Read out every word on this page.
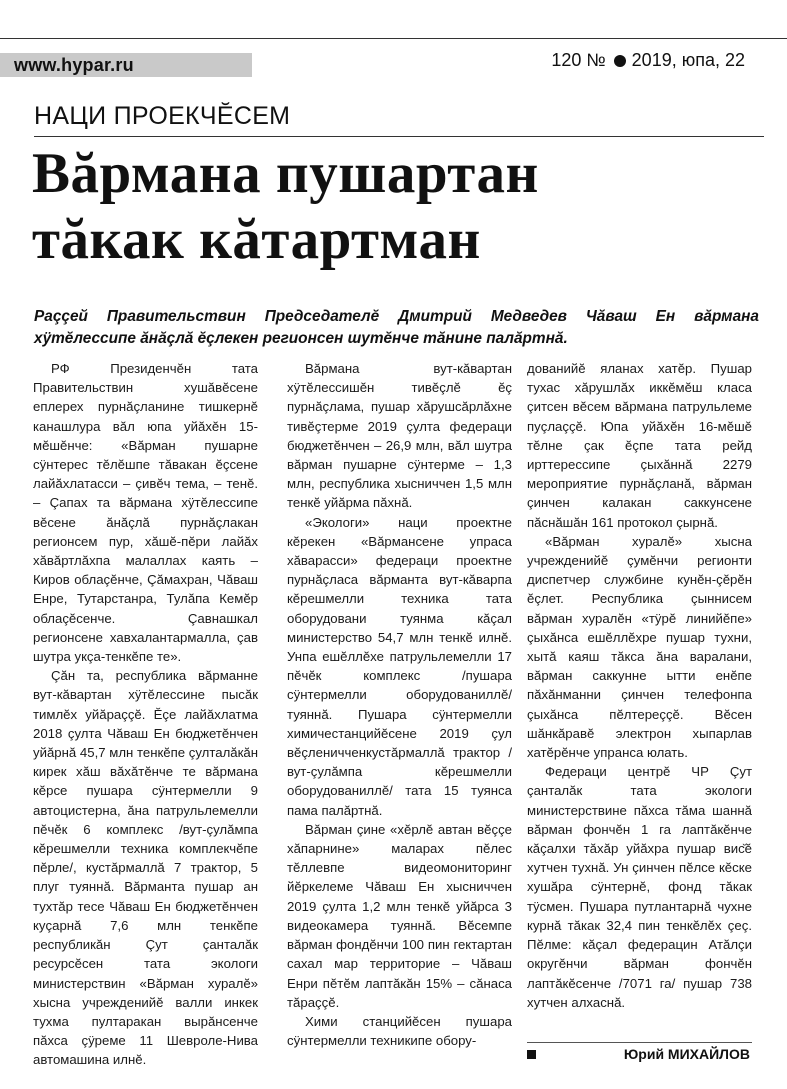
www.hypar.ru	120 № 2019, юпа, 22
НАЦИ ПРОЕКЧĔСЕМ
Вăрмана пушартан
тăкак кăтартман

Раççей Правительствин Председателĕ Дмитрий Медведев Чăваш Ен вăрмана хÿтĕлессипе ăнăçлă ĕçлекен регионсен шутĕнче тăнине палăртнă.

РФ Президенчĕн тата Правительствин хушăвĕсене еплерех пурнăçланине тишкернĕ канашлура вăл юпа уйăхĕн 15-мĕшĕнче: «Вăрман пушарне сÿнтерес тĕлĕшпе тăвакан ĕçсене лайăхлатасси – çивĕч тема, – тенĕ. – Çапах та вăрмана хÿтĕлессипе вĕсене ăнăçлă пурнăçлакан регионсем пур, хăшĕ-пĕри лайăх хăвăртлăхпа малаллах каять – Киров облаçĕнче, Çăмахран, Чăваш Енре, Тутарстанра, Тулăпа Кемĕр облаçĕсенче. Çавнашкал регионсене хавхалантармалла, çав шутра укçа-тенкĕпе те».

Çăн та, республика вăрманне вут-кăвартан хÿтĕлессине пысăк тимлĕх уйăраççĕ. Ĕçе лайăхлатма 2018 çулта Чăваш Ен бюджетĕнчен уйăрнă 45,7 млн тенкĕпе çулталӑкăн кирек хăш вăхăтĕнче те вăрмана кĕрсе пушара сÿнтермелли 9 автоцистерна, ăна патрульлемелли пĕчĕк 6 комплекс /вут-çулăмпа кĕрешмелли техника комплекчĕпе пĕрле/, кустăрмаллă 7 трактор, 5 плуг туяннă. Вăрманта пушар ан тухтăр тесе Чăваш Ен бюджетĕнчен куçарнă 7,6 млн тенкĕпе республикăн Çут çанталăк ресурсĕсен тата экологи министерствин «Вăрман хуралĕ» хысна учрежденийĕ валли инкек тухма пултаракан вырăнсенче пăхса çÿреме 11 Шевроле-Нива автомашина илнĕ.

Вăрмана вут-кăвартан хÿтĕлессишĕн тивĕçлĕ ĕç пурнăçлама, пушар хăрушсăрлăхне тивĕçтерме 2019 çулта федераци бюджетĕнчен – 26,9 млн, вăл шутра вăрман пушарне сÿнтерме – 1,3 млн, республика хысниччен 1,5 млн тенкĕ уйăрма пăхнă.

«Экологи» наци проектне кĕрекен «Вăрмансене упраса хăварасси» федераци проектне пурнăçласа вăрманта вут-кăварпа кĕрешмелли техника тата оборудовани туянма кăçал министерство 54,7 млн тенкĕ илнĕ. Унпа ешĕллĕхе патрульлемелли 17 пĕчĕк комплекс /пушара сÿнтермелли оборудованиллĕ/ туяннă. Пушара сÿнтермелли химичестанцийĕсене 2019 çул вĕçленичченкустăрмаллă трактор /вут-çулăмпа кĕрешмелли оборудованиллĕ/ тата 15 туянса пама палăртнă.

Вăрман çине «хĕрлĕ автан вĕççе хăпарнине» маларах пĕлес тĕллевпе видеомониторинг йĕркелеме Чăваш Ен хысниччен 2019 çулта 1,2 млн тенкĕ уйăрса 3 видеокамера туяннă. Вĕсемпе вăрман фондĕнчи 100 пин гектартан сахал мар территорие – Чăваш Енри пĕтĕм лаптăкăн 15% – сăнаса тăраççĕ.

Хими станцийĕсен пушара сÿнтермелли техникипе обору-

дованийĕ яланах хатĕр. Пушар тухас хăрушлăх иккĕмĕш класа çитсен вĕсем вăрмана патрульлеме пуçлаççĕ. Юпа уйăхĕн 16-мĕшĕ тĕлне çак ĕçпе тата рейд ирттерессипе çыхăннă 2279 мероприятие пурнăçланă, вăрман çинчен калакан саккунсене пăснăшăн 161 протокол çырнă.

«Вăрман хуралĕ» хысна учрежденийĕ çумĕнчи регионти диспетчер службине кунĕн-çĕрĕн ĕçлет. Республика çыннисем вăрман хуралĕн «тÿрĕ линийĕпе» çыхăнса ешĕллĕхре пушар тухни, хытă каяш тăкса ăна варалани, вăрман саккунне ытти енĕпе пăхăнманни çинчен телефонпа çыхăнса пĕлтереççĕ. Вĕсен шăнкăравĕ электрон хыпарлав хатĕрĕнче упранса юлать.

Федераци центрĕ ЧР Çут çанталăк тата экологи министерствине пăхса тăма шаннă вăрман фончĕн 1 га лаптăкĕнче кăçалхи тăхăр уйăхра пушар вис̆ĕ хутчен тухнă. Ун çинчен пĕлсе кĕске хушăра сÿнтернĕ, фонд тăкак тÿсмен. Пушара путлантарнă чухне курнă тăкак 32,4 пин тенкĕлĕх çеç. Пĕлме: кăçал федерацин Атăлçи округĕнчи вăрман фончĕн лаптăкĕсенче /7071 га/ пушар 738 хутчен алхаснă.

Юрий МИХАЙЛОВ
